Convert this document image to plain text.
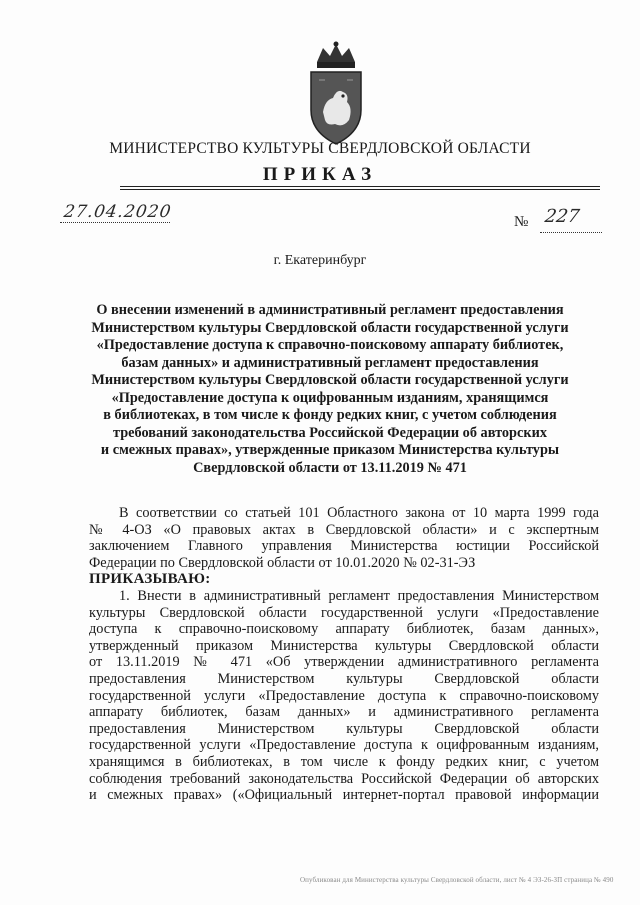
МИНИСТЕРСТВО КУЛЬТУРЫ СВЕРДЛОВСКОЙ ОБЛАСТИ
ПРИКАЗ
27.04.2020	№ 227
г. Екатеринбург
О внесении изменений в административный регламент предоставления
Министерством культуры Свердловской области государственной услуги
«Предоставление доступа к справочно-поисковому аппарату библиотек,
базам данных» и административный регламент предоставления
Министерством культуры Свердловской области государственной услуги
«Предоставление доступа к оцифрованным изданиям, хранящимся
в библиотеках, в том числе к фонду редких книг, с учетом соблюдения
требований законодательства Российской Федерации об авторских
и смежных правах», утвержденные приказом Министерства культуры
Свердловской области от 13.11.2019 № 471
В соответствии со статьей 101 Областного закона от 10 марта 1999 года
№ 4-ОЗ «О правовых актах в Свердловской области» и с экспертным
заключением Главного управления Министерства юстиции Российской
Федерации по Свердловской области от 10.01.2020 № 02-31-ЭЗ
ПРИКАЗЫВАЮ:
1. Внести в административный регламент предоставления Министерством
культуры Свердловской области государственной услуги «Предоставление
доступа к справочно-поисковому аппарату библиотек, базам данных»,
утвержденный приказом Министерства культуры Свердловской области
от 13.11.2019 № 471 «Об утверждении административного регламента
предоставления Министерством культуры Свердловской области
государственной услуги «Предоставление доступа к справочно-поисковому
аппарату библиотек, базам данных» и административного регламента
предоставления Министерством культуры Свердловской области
государственной услуги «Предоставление доступа к оцифрованным изданиям,
хранящимся в библиотеках, в том числе к фонду редких книг, с учетом
соблюдения требований законодательства Российской Федерации об авторских
и смежных правах» («Официальный интернет-портал правовой информации
Опубликован для Министерства культуры Свердловской области, лист № 4 ЭЗ-26-ЗП страница № 490
